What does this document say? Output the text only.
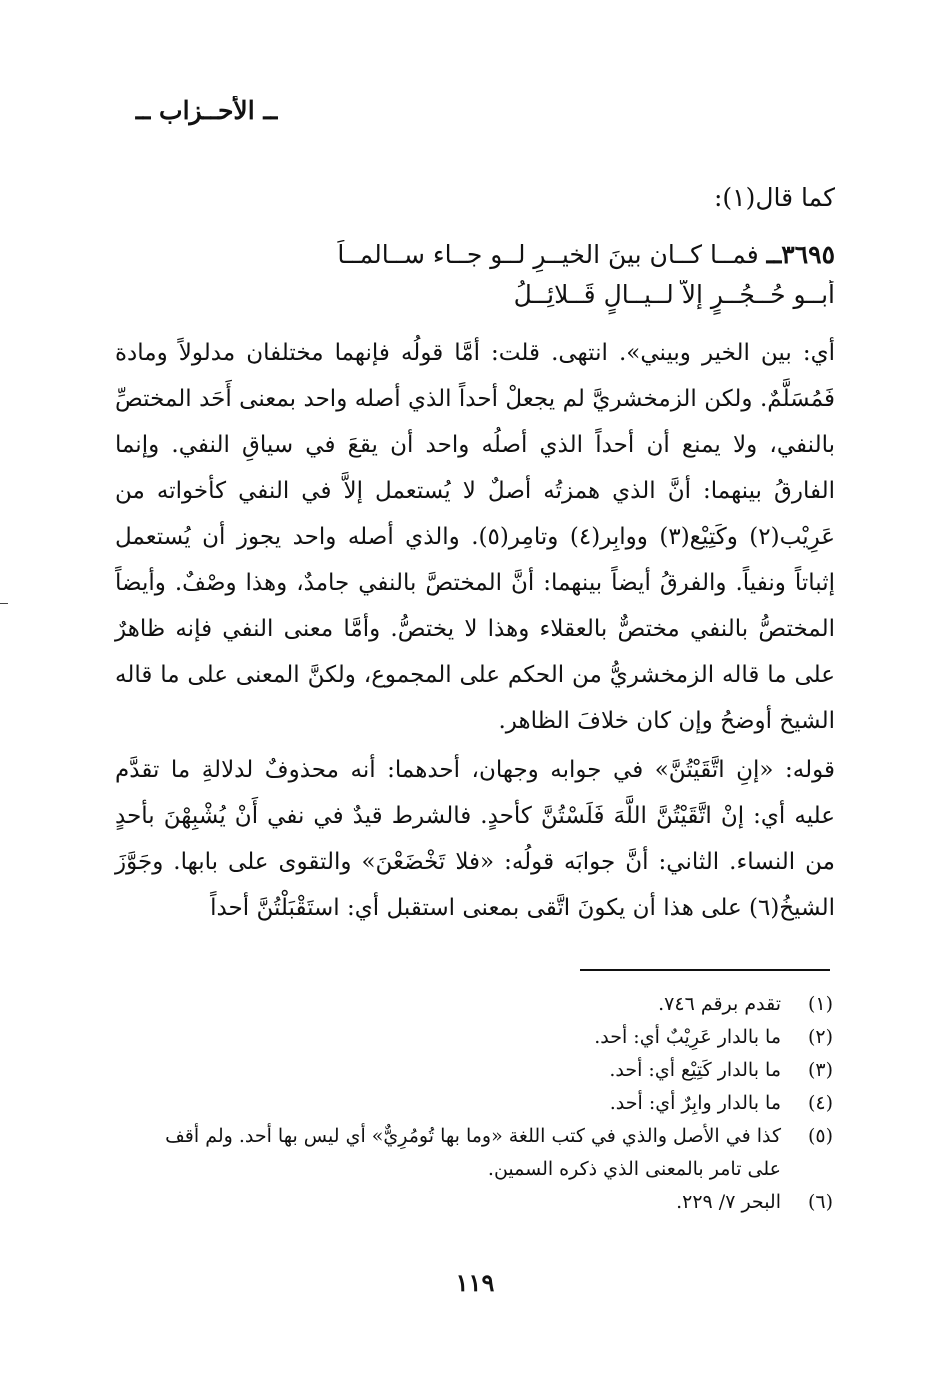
ــ الأحــزاب ــ
كما قال(١):
٣٦٩٥ــ فمــا كــان بينَ الخيــرِ لــو جــاء ســالمــاً
أبــو حُــجُــرٍ إلاّ لــيــالٍ قَــلائِــلُ

أي: بين الخير وبيني». انتهى. قلت: أمَّا قولُه فإنهما مختلفان مدلولاً ومادة فَمُسَلَّمٌ. ولكن الزمخشريَّ لم يجعلْ أحداً الذي أصله واحد بمعنى أَحَد المختصِّ بالنفي، ولا يمنع أن أحداً الذي أصلُه واحد أن يقعَ في سياقِ النفي. وإنما الفارقُ بينهما: أنَّ الذي همزتُه أصلٌ لا يُستعمل إلاَّ في النفي كأخواته من عَرِيْب(٢) وكَتِيْع(٣) ووابِر(٤) وتامِر(٥). والذي أصله واحد يجوز أن يُستعمل إثباتاً ونفياً. والفرقُ أيضاً بينهما: أنَّ المختصَّ بالنفي جامدٌ، وهذا وصْفٌ. وأيضاً المختصُّ بالنفي مختصٌّ بالعقلاء وهذا لا يختصُّ. وأمَّا معنى النفي فإنه ظاهرٌ على ما قاله الزمخشريُّ من الحكم على المجموع، ولكنَّ المعنى على ما قاله الشيخ أوضحُ وإن كان خلافَ الظاهر.

قوله: «إنِ اتَّقَيْتُنَّ» في جوابه وجهان، أحدهما: أنه محذوفٌ لدلالةِ ما تقدَّم عليه أي: إنْ اتَّقَيْتُنَّ اللَّهَ فَلَسْتُنَّ كأحدٍ. فالشرط قيدٌ في نفي أَنْ يُشْبِهْنَ بأحدٍ من النساء. الثاني: أنَّ جوابَه قولُه: «فلا تَخْضَعْنَ» والتقوى على بابها. وجَوَّزَ الشيخُ(٦) على هذا أن يكونَ اتَّقى بمعنى استقبل أي: استَقْبَلْتُنَّ أحداً

(١)
تقدم برقم ٧٤٦.
(٢)
ما بالدار عَرِيْبٌ أي: أحد.
(٣)
ما بالدار كَتِيْع أي: أحد.
(٤)
ما بالدار وابِرٌ أي: أحد.
(٥)
كذا في الأصل والذي في كتب اللغة «وما بها تُومُرِيٌّ» أي ليس بها أحد. ولم أقف على تامر بالمعنى الذي ذكره السمين.
(٦)
البحر ٧/ ٢٢٩.
١١٩
